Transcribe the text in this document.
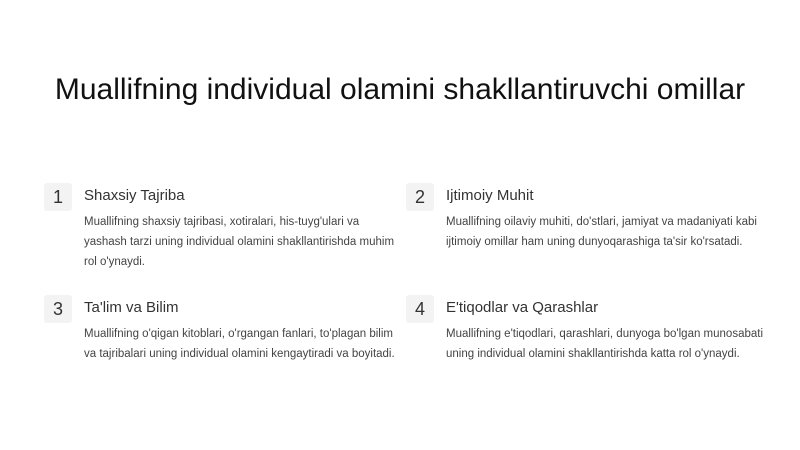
Muallifning individual olamini shakllantiruvchi omillar
1	Shaxsiy Tajriba
Muallifning shaxsiy tajribasi, xotiralari, his-tuyg'ulari va yashash tarzi uning individual olamini shakllantirishda muhim rol o'ynaydi.
2	Ijtimoiy Muhit
Muallifning oilaviy muhiti, do'stlari, jamiyat va madaniyati kabi ijtimoiy omillar ham uning dunyoqarashiga ta'sir ko'rsatadi.
3	Ta'lim va Bilim
Muallifning o'qigan kitoblari, o'rgangan fanlari, to'plagan bilim va tajribalari uning individual olamini kengaytiradi va boyitadi.
4	E'tiqodlar va Qarashlar
Muallifning e'tiqodlari, qarashlari, dunyoga bo'lgan munosabati uning individual olamini shakllantirishda katta rol o'ynaydi.
